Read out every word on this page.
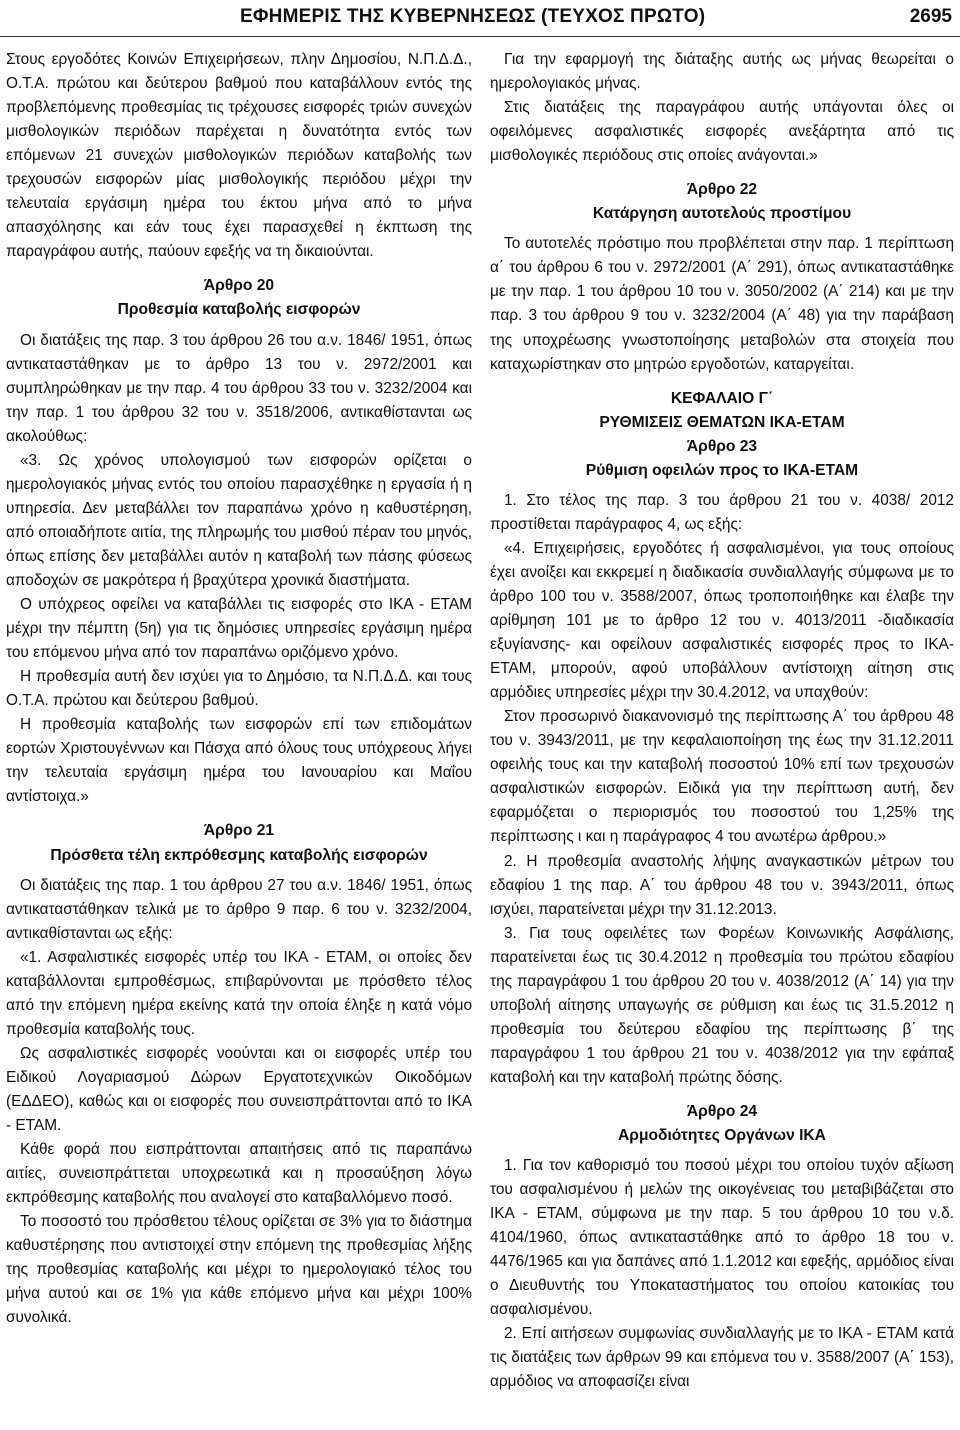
ΕΦΗΜΕΡΙΣ ΤΗΣ ΚΥΒΕΡΝΗΣΕΩΣ (ΤΕΥΧΟΣ ΠΡΩΤΟ)	2695

Στους εργοδότες Κοινών Επιχειρήσεων, πλην Δημοσίου, Ν.Π.Δ.Δ., Ο.Τ.Α. πρώτου και δεύτερου βαθμού που καταβάλλουν εντός της προβλεπόμενης προθεσμίας τις τρέχουσες εισφορές τριών συνεχών μισθολογικών περιόδων παρέχεται η δυνατότητα εντός των επόμενων 21 συνεχών μισθολογικών περιόδων καταβολής των τρεχουσών εισφορών μίας μισθολογικής περιόδου μέχρι την τελευταία εργάσιμη ημέρα του έκτου μήνα από το μήνα απασχόλησης και εάν τους έχει παρασχεθεί η έκπτωση της παραγράφου αυτής, παύουν εφεξής να τη δικαιούνται.

Άρθρο 20
Προθεσμία καταβολής εισφορών

Οι διατάξεις της παρ. 3 του άρθρου 26 του α.ν. 1846/ 1951, όπως αντικαταστάθηκαν με το άρθρο 13 του ν. 2972/2001 και συμπληρώθηκαν με την παρ. 4 του άρθρου 33 του ν. 3232/2004 και την παρ. 1 του άρθρου 32 του ν. 3518/2006, αντικαθίστανται ως ακολούθως:

«3. Ως χρόνος υπολογισμού των εισφορών ορίζεται ο ημερολογιακός μήνας εντός του οποίου παρασχέθηκε η εργασία ή η υπηρεσία. Δεν μεταβάλλει τον παραπάνω χρόνο η καθυστέρηση, από οποιαδήποτε αιτία, της πληρωμής του μισθού πέραν του μηνός, όπως επίσης δεν μεταβάλλει αυτόν η καταβολή των πάσης φύσεως αποδοχών σε μακρότερα ή βραχύτερα χρονικά διαστήματα.

Ο υπόχρεος οφείλει να καταβάλλει τις εισφορές στο ΙΚΑ - ΕΤΑΜ μέχρι την πέμπτη (5η) για τις δημόσιες υπηρεσίες εργάσιμη ημέρα του επόμενου μήνα από τον παραπάνω οριζόμενο χρόνο.

Η προθεσμία αυτή δεν ισχύει για το Δημόσιο, τα Ν.Π.Δ.Δ. και τους Ο.Τ.Α. πρώτου και δεύτερου βαθμού.

Η προθεσμία καταβολής των εισφορών επί των επιδομάτων εορτών Χριστουγέννων και Πάσχα από όλους τους υπόχρεους λήγει την τελευταία εργάσιμη ημέρα του Ιανουαρίου και Μαΐου αντίστοιχα.»

Άρθρο 21
Πρόσθετα τέλη εκπρόθεσμης καταβολής εισφορών

Οι διατάξεις της παρ. 1 του άρθρου 27 του α.ν. 1846/ 1951, όπως αντικαταστάθηκαν τελικά με το άρθρο 9 παρ. 6 του ν. 3232/2004, αντικαθίστανται ως εξής:

«1. Ασφαλιστικές εισφορές υπέρ του ΙΚΑ - ΕΤΑΜ, οι οποίες δεν καταβάλλονται εμπροθέσμως, επιβαρύνονται με πρόσθετο τέλος από την επόμενη ημέρα εκείνης κατά την οποία έληξε η κατά νόμο προθεσμία καταβολής τους.

Ως ασφαλιστικές εισφορές νοούνται και οι εισφορές υπέρ του Ειδικού Λογαριασμού Δώρων Εργατοτεχνικών Οικοδόμων (ΕΔΔΕΟ), καθώς και οι εισφορές που συνεισπράττονται από το ΙΚΑ - ΕΤΑΜ.

Κάθε φορά που εισπράττονται απαιτήσεις από τις παραπάνω αιτίες, συνεισπράττεται υποχρεωτικά και η προσαύξηση λόγω εκπρόθεσμης καταβολής που αναλογεί στο καταβαλλόμενο ποσό.

Το ποσοστό του πρόσθετου τέλους ορίζεται σε 3% για το διάστημα καθυστέρησης που αντιστοιχεί στην επόμενη της προθεσμίας λήξης της προθεσμίας καταβολής και μέχρι το ημερολογιακό τέλος του μήνα αυτού και σε 1% για κάθε επόμενο μήνα και μέχρι 100% συνολικά.

Για την εφαρμογή της διάταξης αυτής ως μήνας θεωρείται ο ημερολογιακός μήνας.

Στις διατάξεις της παραγράφου αυτής υπάγονται όλες οι οφειλόμενες ασφαλιστικές εισφορές ανεξάρτητα από τις μισθολογικές περιόδους στις οποίες ανάγονται.»

Άρθρο 22
Κατάργηση αυτοτελούς προστίμου

Το αυτοτελές πρόστιμο που προβλέπεται στην παρ. 1 περίπτωση α΄ του άρθρου 6 του ν. 2972/2001 (Α΄ 291), όπως αντικαταστάθηκε με την παρ. 1 του άρθρου 10 του ν. 3050/2002 (Α΄ 214) και με την παρ. 3 του άρθρου 9 του ν. 3232/2004 (Α΄ 48) για την παράβαση της υποχρέωσης γνωστοποίησης μεταβολών στα στοιχεία που καταχωρίστηκαν στο μητρώο εργοδοτών, καταργείται.

ΚΕΦΑΛΑΙΟ Γ΄
ΡΥΘΜΙΣΕΙΣ ΘΕΜΑΤΩΝ ΙΚΑ-ΕΤΑΜ
Άρθρο 23
Ρύθμιση οφειλών προς το ΙΚΑ-ΕΤΑΜ

1. Στο τέλος της παρ. 3 του άρθρου 21 του ν. 4038/ 2012 προστίθεται παράγραφος 4, ως εξής:

«4. Επιχειρήσεις, εργοδότες ή ασφαλισμένοι, για τους οποίους έχει ανοίξει και εκκρεμεί η διαδικασία συνδιαλλαγής σύμφωνα με το άρθρο 100 του ν. 3588/2007, όπως τροποποιήθηκε και έλαβε την αρίθμηση 101 με το άρθρο 12 του ν. 4013/2011 -διαδικασία εξυγίανσης- και οφείλουν ασφαλιστικές εισφορές προς το ΙΚΑ-ΕΤΑΜ, μπορούν, αφού υποβάλλουν αντίστοιχη αίτηση στις αρμόδιες υπηρεσίες μέχρι την 30.4.2012, να υπαχθούν:

Στον προσωρινό διακανονισμό της περίπτωσης Α΄ του άρθρου 48 του ν. 3943/2011, με την κεφαλαιοποίηση της έως την 31.12.2011 οφειλής τους και την καταβολή ποσοστού 10% επί των τρεχουσών ασφαλιστικών εισφορών. Ειδικά για την περίπτωση αυτή, δεν εφαρμόζεται ο περιορισμός του ποσοστού του 1,25% της περίπτωσης ι και η παράγραφος 4 του ανωτέρω άρθρου.»

2. Η προθεσμία αναστολής λήψης αναγκαστικών μέτρων του εδαφίου 1 της παρ. Α΄ του άρθρου 48 του ν. 3943/2011, όπως ισχύει, παρατείνεται μέχρι την 31.12.2013.

3. Για τους οφειλέτες των Φορέων Κοινωνικής Ασφάλισης, παρατείνεται έως τις 30.4.2012 η προθεσμία του πρώτου εδαφίου της παραγράφου 1 του άρθρου 20 του ν. 4038/2012 (Α΄ 14) για την υποβολή αίτησης υπαγωγής σε ρύθμιση και έως τις 31.5.2012 η προθεσμία του δεύτερου εδαφίου της περίπτωσης β΄ της παραγράφου 1 του άρθρου 21 του ν. 4038/2012 για την εφάπαξ καταβολή και την καταβολή πρώτης δόσης.

Άρθρο 24
Αρμοδιότητες Οργάνων ΙΚΑ

1. Για τον καθορισμό του ποσού μέχρι του οποίου τυχόν αξίωση του ασφαλισμένου ή μελών της οικογένειας του μεταβιβάζεται στο ΙΚΑ - ΕΤΑΜ, σύμφωνα με την παρ. 5 του άρθρου 10 του ν.δ. 4104/1960, όπως αντικαταστάθηκε από το άρθρο 18 του ν. 4476/1965 και για δαπάνες από 1.1.2012 και εφεξής, αρμόδιος είναι ο Διευθυντής του Υποκαταστήματος του οποίου κατοικίας του ασφαλισμένου.

2. Επί αιτήσεων συμφωνίας συνδιαλλαγής με το ΙΚΑ - ΕΤΑΜ κατά τις διατάξεις των άρθρων 99 και επόμενα του ν. 3588/2007 (Α΄ 153), αρμόδιος να αποφασίζει είναι
